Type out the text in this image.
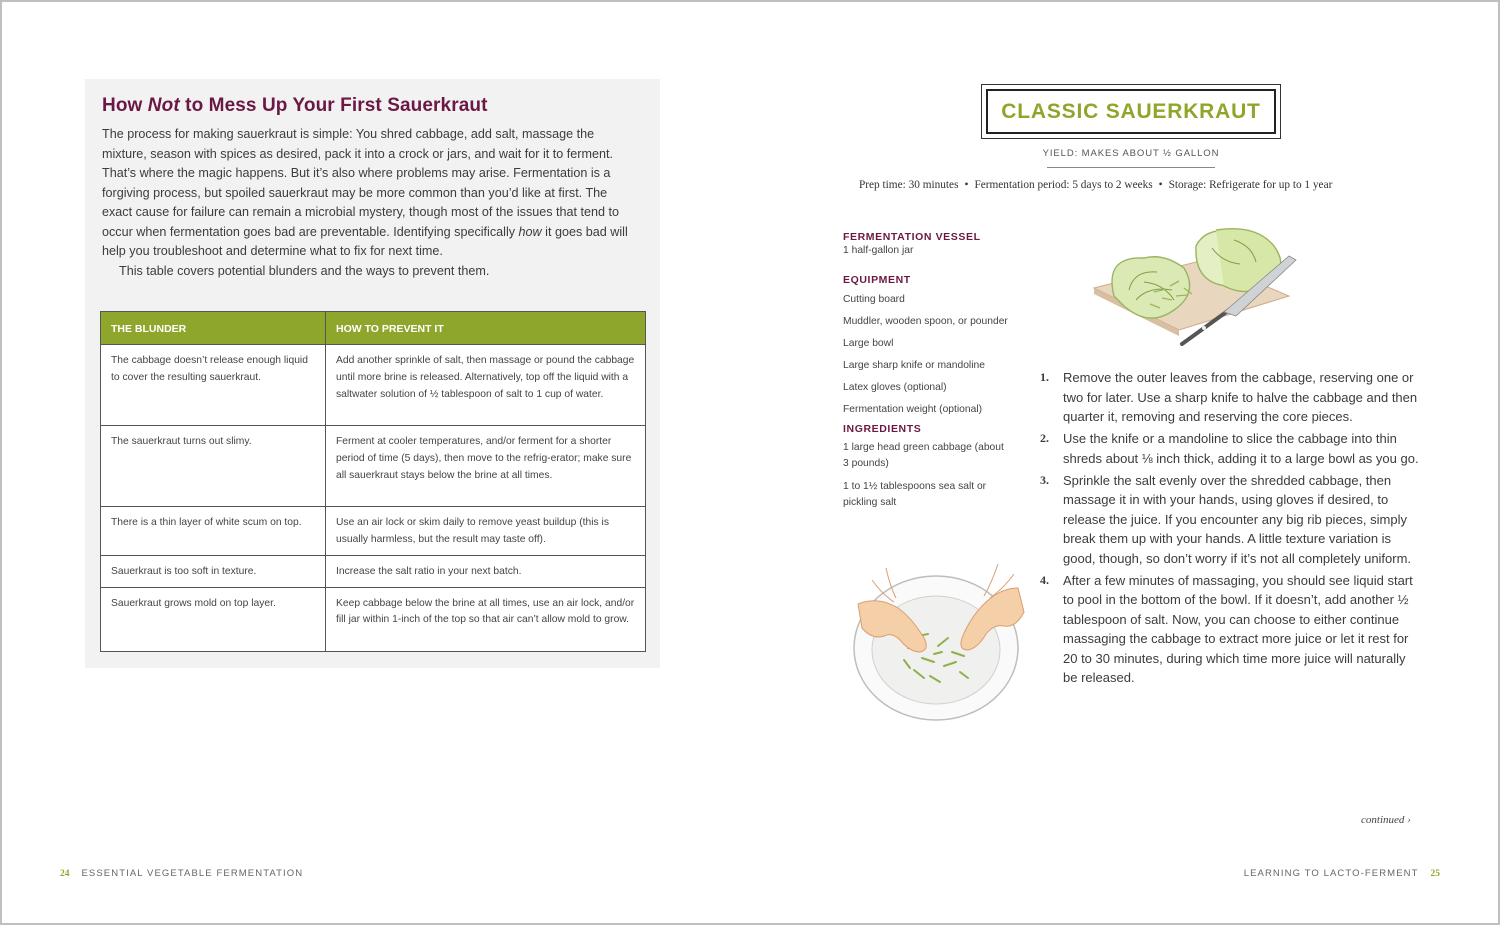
How Not to Mess Up Your First Sauerkraut

The process for making sauerkraut is simple: You shred cabbage, add salt, massage the mixture, season with spices as desired, pack it into a crock or jars, and wait for it to ferment. That’s where the magic happens. But it’s also where problems may arise. Fermentation is a forgiving process, but spoiled sauerkraut may be more common than you’d like at first. The exact cause for failure can remain a microbial mystery, though most of the issues that tend to occur when fermentation goes bad are preventable. Identifying specifically how it goes bad will help you troubleshoot and determine what to fix for next time.

This table covers potential blunders and the ways to prevent them.

THE BLUNDER	HOW TO PREVENT IT
The cabbage doesn’t release enough liquid to cover the resulting sauerkraut.	Add another sprinkle of salt, then massage or pound the cabbage until more brine is released. Alternatively, top off the liquid with a saltwater solution of ½ tablespoon of salt to 1 cup of water.
The sauerkraut turns out slimy.	Ferment at cooler temperatures, and/or ferment for a shorter period of time (5 days), then move to the refrig-erator; make sure all sauerkraut stays below the brine at all times.
There is a thin layer of white scum on top.	Use an air lock or skim daily to remove yeast buildup (this is usually harmless, but the result may taste off).
Sauerkraut is too soft in texture.	Increase the salt ratio in your next batch.
Sauerkraut grows mold on top layer.	Keep cabbage below the brine at all times, use an air lock, and/or fill jar within 1-inch of the top so that air can’t allow mold to grow.
24 ESSENTIAL VEGETABLE FERMENTATION
CLASSIC SAUERKRAUT
YIELD: MAKES ABOUT ½ GALLON
Prep time: 30 minutes • Fermentation period: 5 days to 2 weeks • Storage: Refrigerate for up to 1 year
FERMENTATION VESSEL
1 half-gallon jar
EQUIPMENT
Cutting board
Muddler, wooden spoon, or pounder
Large bowl
Large sharp knife or mandoline
Latex gloves (optional)
Fermentation weight (optional)
INGREDIENTS
1 large head green cabbage (about
3 pounds)
1 to 1½ tablespoons sea salt or
pickling salt
1. Remove the outer leaves from the cabbage, reserving one or two for later. Use a sharp knife to halve the cabbage and then quarter it, removing and reserving the core pieces.
2. Use the knife or a mandoline to slice the cabbage into thin shreds about ⅛ inch thick, adding it to a large bowl as you go.
3. Sprinkle the salt evenly over the shredded cabbage, then massage it in with your hands, using gloves if desired, to release the juice. If you encounter any big rib pieces, simply break them up with your hands. A little texture variation is good, though, so don’t worry if it’s not all completely uniform.
4. After a few minutes of massaging, you should see liquid start to pool in the bottom of the bowl. If it doesn’t, add another ½ tablespoon of salt. Now, you can choose to either continue massaging the cabbage to extract more juice or let it rest for 20 to 30 minutes, during which time more juice will naturally be released.
continued ›
LEARNING TO LACTO-FERMENT 25
